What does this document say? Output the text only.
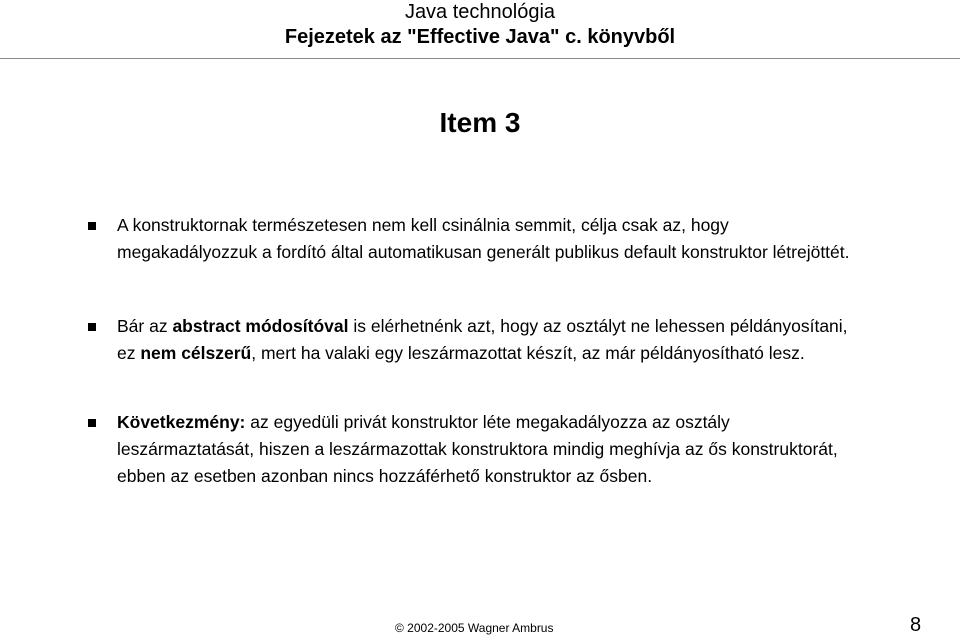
Java technológia
Fejezetek az "Effective Java" c. könyvből
Item 3
A konstruktornak természetesen nem kell csinálnia semmit, célja csak az, hogy megakadályozzuk a fordító által automatikusan generált publikus default konstruktor létrejöttét.
Bár az abstract módosítóval is elérhetnénk azt, hogy az osztályt ne lehessen példányosítani, ez nem célszerű, mert ha valaki egy leszármazottat készít, az már példányosítható lesz.
Következmény: az egyedüli privát konstruktor léte megakadályozza az osztály leszármaztatását, hiszen a leszármazottak konstruktora mindig meghívja az ős konstruktorát, ebben az esetben azonban nincs hozzáférhető konstruktor az ősben.
© 2002-2005 Wagner Ambrus	8
